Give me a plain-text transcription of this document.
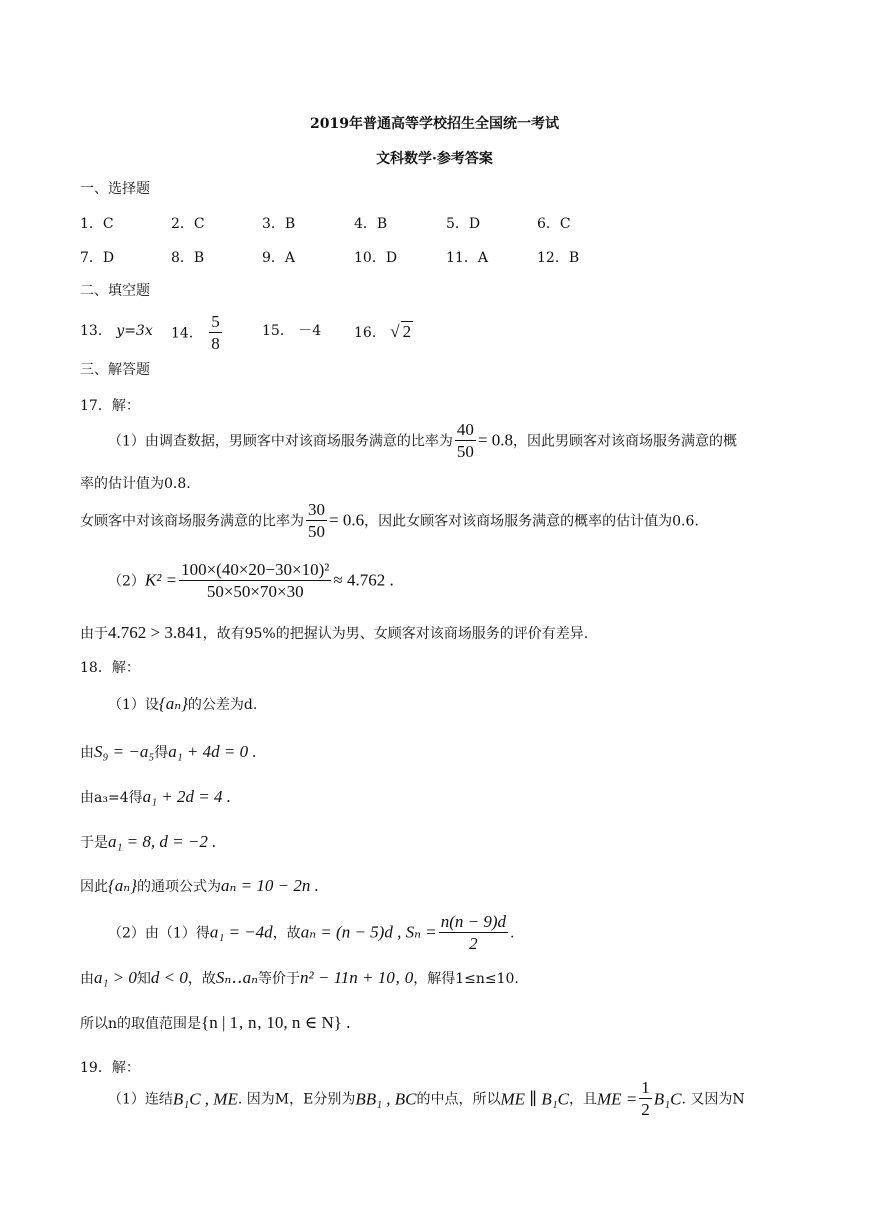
2019年普通高等学校招生全国统一考试
文科数学·参考答案
一、选择题
1．C	2．C	3．B	4．B	5．D	6．C
7．D	8．B	9．A	10．D	11．A	12．B
二、填空题
13． y=3x 14． $\frac{5}{8}$	15． －4 16． √ 2
三、解答题
17．解：
（1）由调查数据，男顾客中对该商场服务满意的比率为 $\frac{40}{50} = 0.8$，因此男顾客对该商场服务满意的概
率的估计值为0.8.
女顾客中对该商场服务满意的比率为 $\frac{30}{50} = 0.6$，因此女顾客对该商场服务满意的概率的估计值为0.6.
$(2)K^2 = \frac{\text{100×(40×20−30×10)²}}{50\times 50\times 70\times 30} \approx 4.762$ .
由于4.762 > 3.841，故有95%的把握认为男、女顾客对该商场服务的评价有差异.
18．解：
（1）设{aₙ}的公差为d.
由S₉ = −a₅得a₁ + 4d = 0 .
由a₃=4得a₁ + 2d = 4 .
于是a₁ = 8, d = −2 .
因此{aₙ}的通项公式为aₙ = 10 − 2n .
（2）由（1）得a₁ = −4d，故aₙ = (n − 5)d , $S_n = \frac{n(n - 9)d}{2}$ .
由a₁ > 0知d < 0，故Sₙ‥aₙ等价于n² − 11n + 10‚ 0，解得1≤n≤10.
所以n的取值范围是{n | 1‚ n‚ 10, n ∈ N} .
19．解：
（1）连结B₁C , ME. 因为M，E分别为BB₁ , BC的中点，所以ME ∥ B₁C，且ME = $\frac{1}{2} B_1C$. 又因为N
